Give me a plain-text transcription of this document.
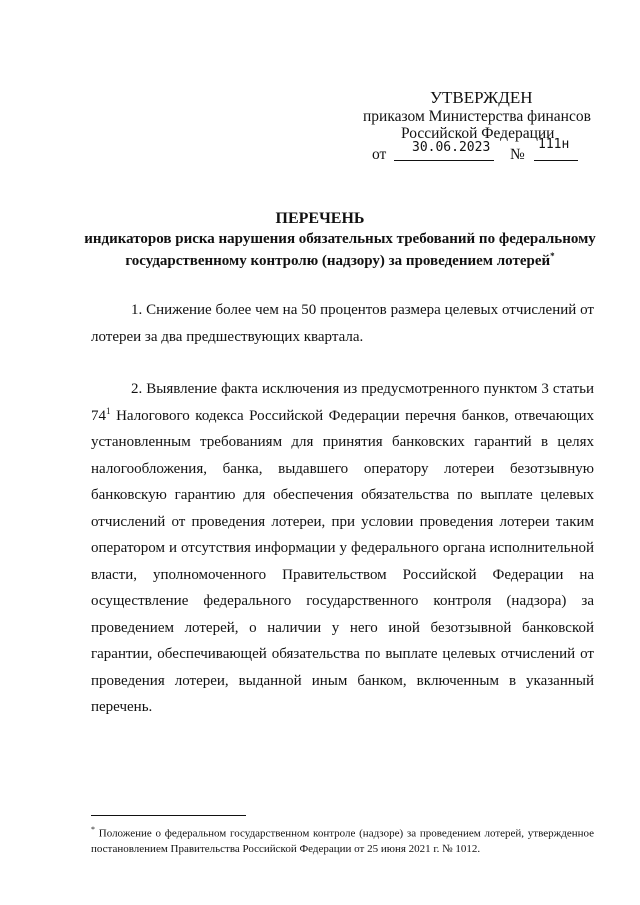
УТВЕРЖДЕН
приказом Министерства финансов
Российской Федерации
от 30.06.2023 №
111н
ПЕРЕЧЕНЬ
индикаторов риска нарушения обязательных требований по федеральному государственному контролю (надзору) за проведением лотерей*
1. Снижение более чем на 50 процентов размера целевых отчислений от лотереи за два предшествующих квартала.
2. Выявление факта исключения из предусмотренного пунктом 3 статьи $74^1$ Налогового кодекса Российской Федерации перечня банков, отвечающих установленным требованиям для принятия банковских гарантий в целях налогообложения, банка, выдавшего оператору лотереи безотзывную банковскую гарантию для обеспечения обязательства по выплате целевых отчислений от проведения лотереи, при условии проведения лотереи таким оператором и отсутствия информации у федерального органа исполнительной власти, уполномоченного Правительством Российской Федерации на осуществление федерального государственного контроля (надзора) за проведением лотерей, о наличии у него иной безотзывной банковской гарантии, обеспечивающей обязательства по выплате целевых отчислений от проведения лотереи, выданной иным банком, включенным в указанный перечень.
* Положение о федеральном государственном контроле (надзоре) за проведением лотерей, утвержденное постановлением Правительства Российской Федерации от 25 июня 2021 г. № 1012.
